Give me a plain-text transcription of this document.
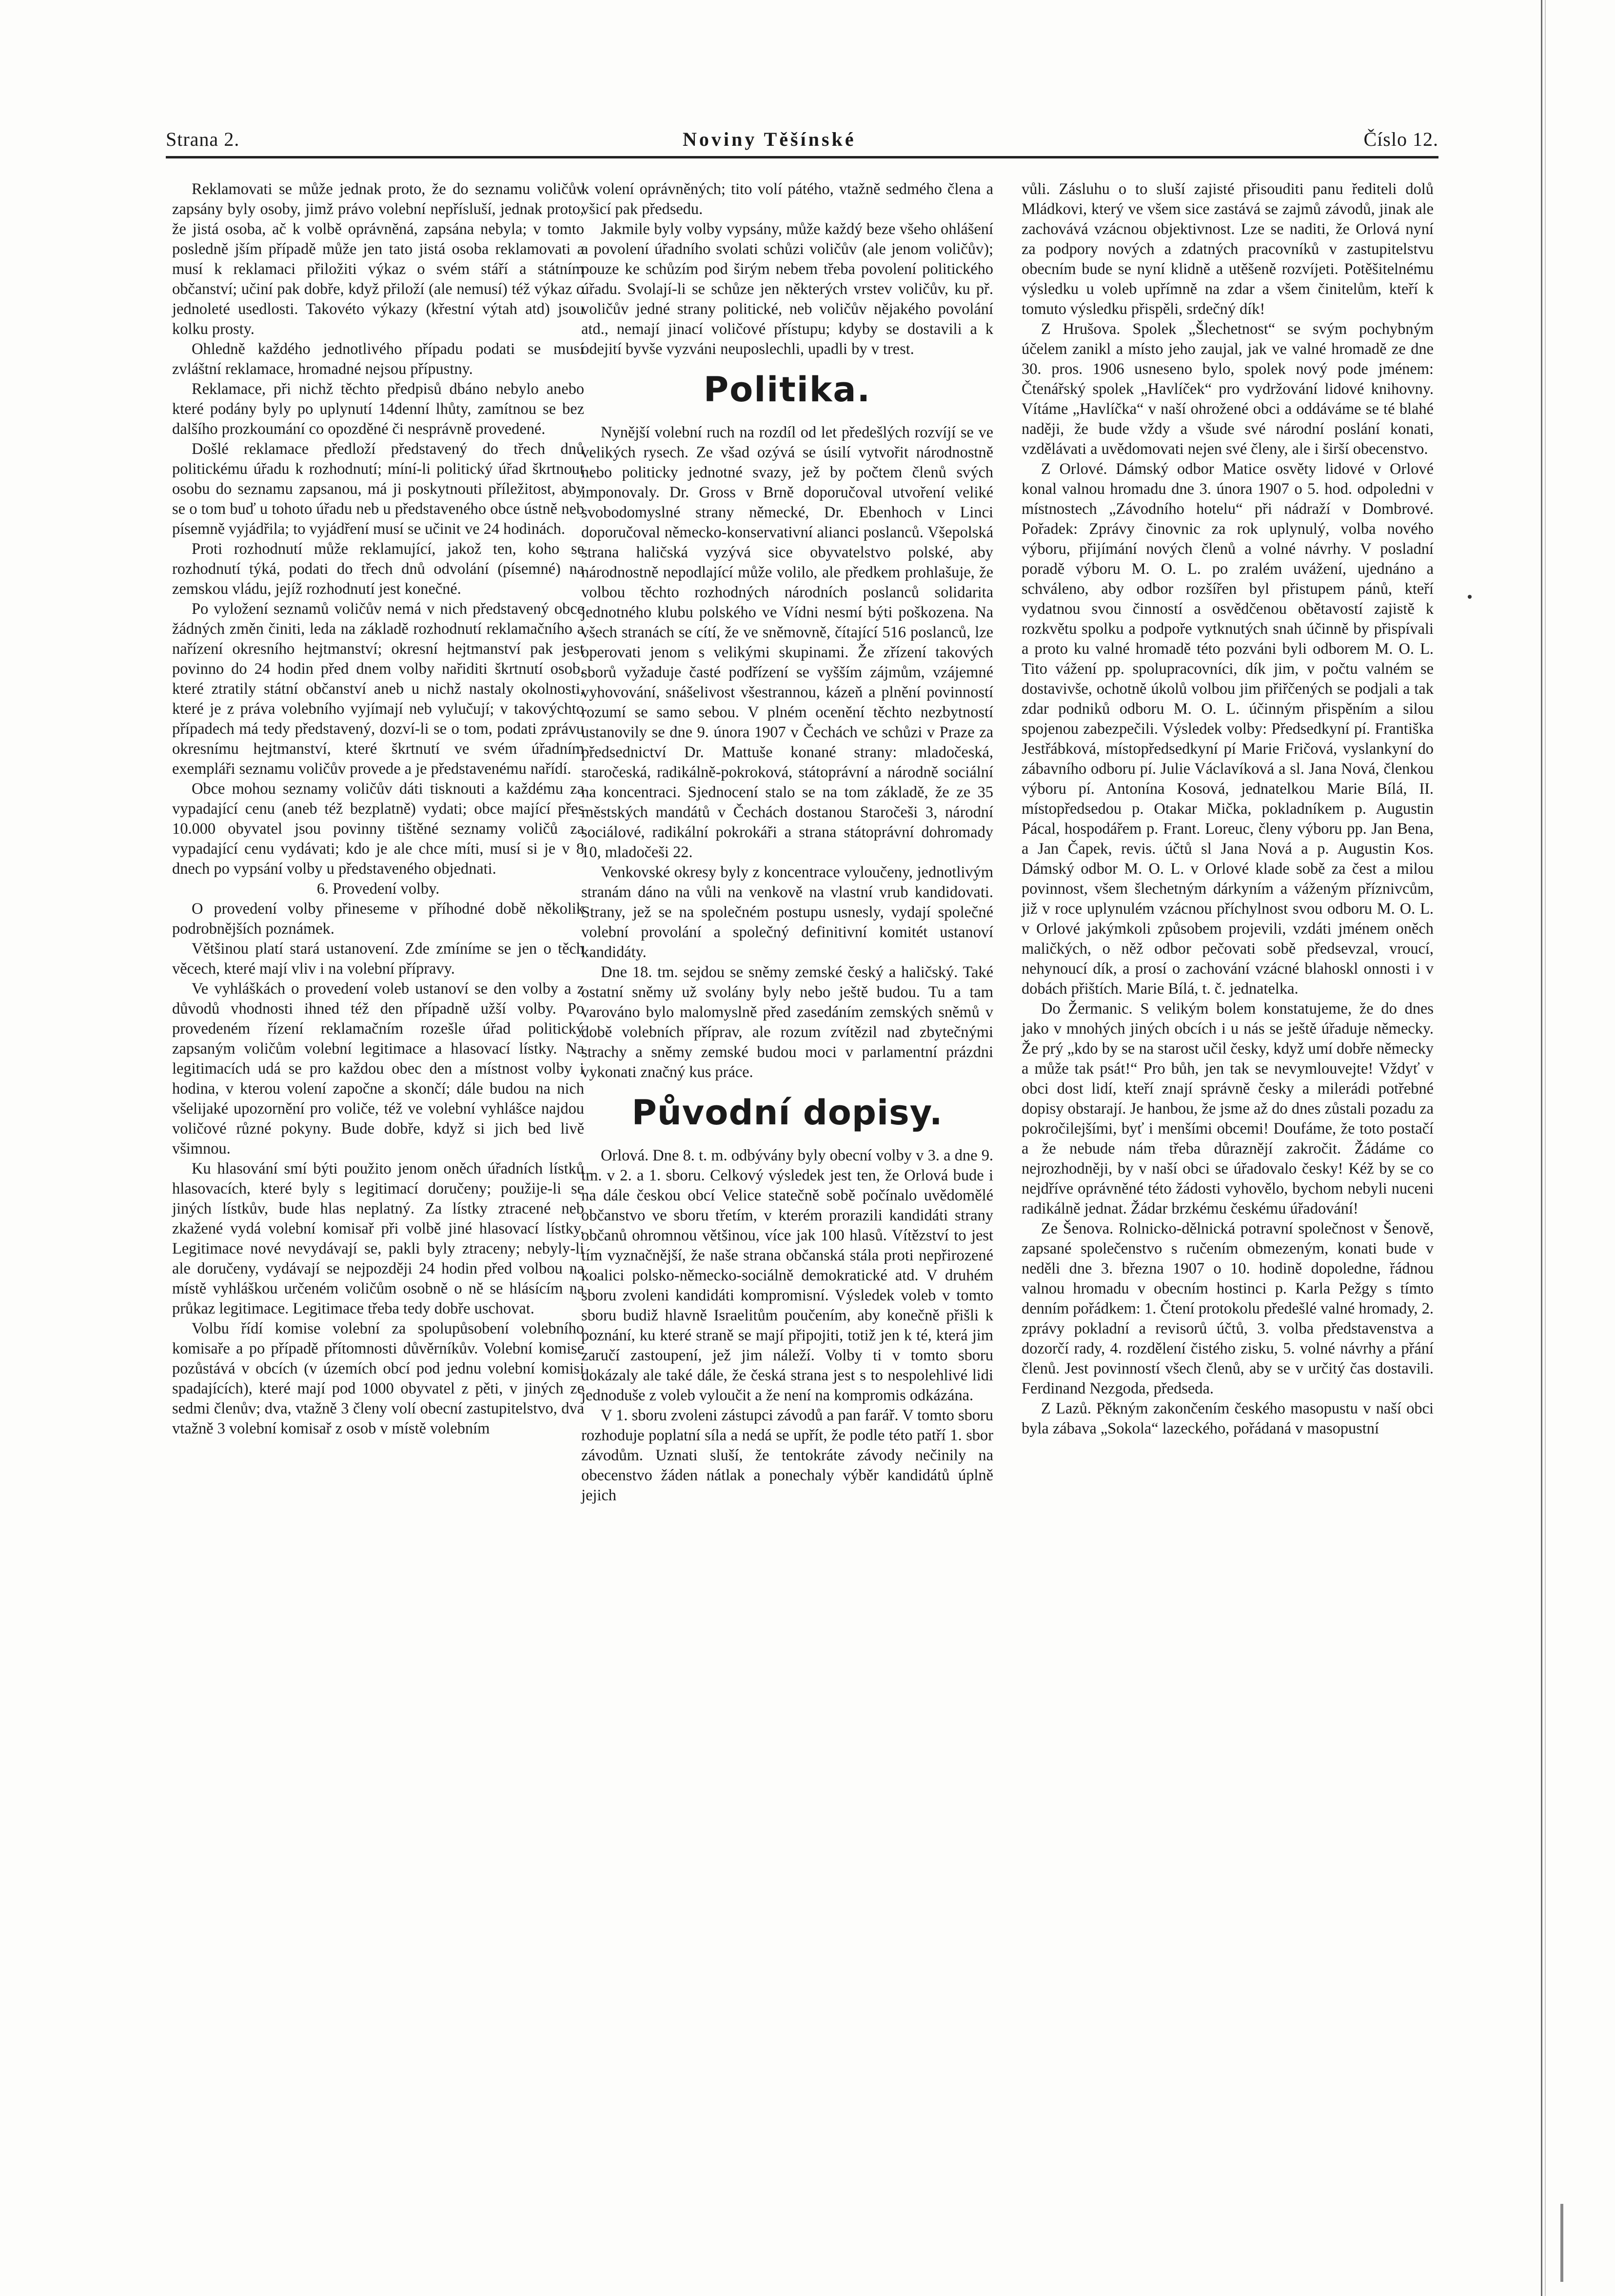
Strana 2.	Noviny Těšínské	Číslo 12.

Reklamovati se může jednak proto, že do seznamu voličův zapsány byly osoby, jimž právo volební nepřísluší, jednak proto, že jistá osoba, ač k volbě oprávněná, zapsána nebyla; v tomto posledně jším případě může jen tato jistá osoba reklamovati a musí k reklamaci přiložiti výkaz o svém stáří a státním občanství; učiní pak dobře, když přiloží (ale nemusí) též výkaz o jednoleté usedlosti. Takovéto výkazy (křestní výtah atd) jsou kolku prosty.

Ohledně každého jednotlivého případu podati se musí zvláštní reklamace, hromadné nejsou přípustny.

Reklamace, při nichž těchto předpisů dbáno nebylo anebo které podány byly po uplynutí 14denní lhůty, zamítnou se bez dalšího prozkoumání co opozděné či nesprávně provedené.

Došlé reklamace předloží představený do třech dnů politickému úřadu k rozhodnutí; míní-li politický úřad škrtnout osobu do seznamu zapsanou, má ji poskytnouti příležitost, aby se o tom buď u tohoto úřadu neb u představeného obce ústně neb písemně vyjádřila; to vyjádření musí se učinit ve 24 hodinách.

Proti rozhodnutí může reklamující, jakož ten, koho se rozhodnutí týká, podati do třech dnů odvolání (písemné) na zemskou vládu, jejíž rozhodnutí jest konečné.

Po vyložení seznamů voličův nemá v nich představený obce žádných změn činiti, leda na základě rozhodnutí reklamačního a nařízení okresního hejtmanství; okresní hejtmanství pak jest povinno do 24 hodin před dnem volby nařiditi škrtnutí osob, které ztratily státní občanství aneb u nichž nastaly okolnosti, které je z práva volebního vyjímají neb vylučují; v takovýchto případech má tedy představený, dozví-li se o tom, podati zprávu okresnímu hejtmanství, které škrtnutí ve svém úřadním exempláři seznamu voličův provede a je představenému nařídí.

Obce mohou seznamy voličův dáti tisknouti a každému za vypadající cenu (aneb též bezplatně) vydati; obce mající přes 10.000 obyvatel jsou povinny tištěné seznamy voličů za vypadající cenu vydávati; kdo je ale chce míti, musí si je v 8 dnech po vypsání volby u představeného objednati.

6. Provedení volby.

O provedení volby přineseme v příhodné době několik podrobnějších poznámek.

Většinou platí stará ustanovení. Zde zmíníme se jen o těch věcech, které mají vliv i na volební přípravy.

Ve vyhláškách o provedení voleb ustanoví se den volby a z důvodů vhodnosti ihned též den případně užší volby. Po provedeném řízení reklamačním rozešle úřad politický zapsaným voličům volební legitimace a hlasovací lístky. Na legitimacích udá se pro každou obec den a místnost volby i hodina, v kterou volení započne a skončí; dále budou na nich všelijaké upozornění pro voliče, též ve volební vyhlášce najdou voličové různé pokyny. Bude dobře, když si jich bed livě všimnou.

Ku hlasování smí býti použito jenom oněch úřadních lístků hlasovacích, které byly s legitimací doručeny; použije-li se jiných lístkův, bude hlas neplatný. Za lístky ztracené neb zkažené vydá volební komisař při volbě jiné hlasovací lístky. Legitimace nové nevydávají se, pakli byly ztraceny; nebyly-li ale doručeny, vydávají se nejpozději 24 hodin před volbou na místě vyhláškou určeném voličům osobně o ně se hlásícím na průkaz legitimace. Legitimace třeba tedy dobře uschovat.

Volbu řídí komise volební za spolupůsobení volebního komisaře a po případě přítomnosti důvěrníkův. Volební komise pozůstává v obcích (v územích obcí pod jednu volební komisi spadajících), které mají pod 1000 obyvatel z pěti, v jiných ze sedmi členův; dva, vtažně 3 členy volí obecní zastupitelstvo, dva vtažně 3 volební komisař z osob v místě volebním

k volení oprávněných; tito volí pátého, vtažně sedmého člena a všicí pak předsedu.

Jakmile byly volby vypsány, může každý beze všeho ohlášení a povolení úřadního svolati schůzi voličův (ale jenom voličův); pouze ke schůzím pod širým nebem třeba povolení politického úřadu. Svolají-li se schůze jen některých vrstev voličův, ku př. voličův jedné strany politické, neb voličův nějakého povolání atd., nemají jinací voličové přístupu; kdyby se dostavili a k odejití byvše vyzváni neuposlechli, upadli by v trest.

Politika.

Nynější volební ruch na rozdíl od let předešlých rozvíjí se ve velikých rysech. Ze všad ozývá se úsilí vytvořit národnostně nebo politicky jednotné svazy, jež by počtem členů svých imponovaly. Dr. Gross v Brně doporučoval utvoření veliké svobodomyslné strany německé, Dr. Ebenhoch v Linci doporučoval německo-konservativní alianci poslanců. Všepolská strana haličská vyzývá sice obyvatelstvo polské, aby národnostně nepodlající může volilo, ale předkem prohlašuje, že volbou těchto rozhodných národních poslanců solidarita jednotného klubu polského ve Vídni nesmí býti poškozena. Na všech stranách se cítí, že ve sněmovně, čítající 516 poslanců, lze operovati jenom s velikými skupinami. Že zřízení takových sborů vyžaduje časté podřízení se vyšším zájmům, vzájemné vyhovování, snášelivost všestrannou, kázeň a plnění povinností rozumí se samo sebou. V plném ocenění těchto nezbytností ustanovily se dne 9. února 1907 v Čechách ve schůzi v Praze za předsednictví Dr. Mattuše konané strany: mladočeská, staročeská, radikálně-pokroková, státoprávní a národně sociální na koncentraci. Sjednocení stalo se na tom základě, že ze 35 městských mandátů v Čechách dostanou Staročeši 3, národní sociálové, radikální pokrokáři a strana státoprávní dohromady 10, mladočeši 22.

Venkovské okresy byly z koncentrace vyloučeny, jednotlivým stranám dáno na vůli na venkově na vlastní vrub kandidovati. Strany, jež se na společném postupu usnesly, vydají společné volební provolání a společný definitivní komitét ustanoví kandidáty.

Dne 18. tm. sejdou se sněmy zemské český a haličský. Také ostatní sněmy už svolány byly nebo ještě budou. Tu a tam varováno bylo malomyslně před zasedáním zemských sněmů v době volebních příprav, ale rozum zvítězil nad zbytečnými strachy a sněmy zemské budou moci v parlamentní prázdni vykonati značný kus práce.

Původní dopisy.

Orlová. Dne 8. t. m. odbývány byly obecní volby v 3. a dne 9. tm. v 2. a 1. sboru. Celkový výsledek jest ten, že Orlová bude i na dále českou obcí Velice statečně sobě počínalo uvědomělé občanstvo ve sboru třetím, v kterém prorazili kandidáti strany občanů ohromnou většinou, více jak 100 hlasů. Vítězství to jest tím vyznačnější, že naše strana občanská stála proti nepřirozené koalici polsko-německo-sociálně demokratické atd. V druhém sboru zvoleni kandidáti kompromisní. Výsledek voleb v tomto sboru budiž hlavně Israelitům poučením, aby konečně přišli k poznání, ku které straně se mají připojiti, totiž jen k té, která jim zaručí zastoupení, jež jim náleží. Volby ti v tomto sboru dokázaly ale také dále, že česká strana jest s to nespolehlivé lidi jednoduše z voleb vyloučit a že není na kompromis odkázána.

V 1. sboru zvoleni zástupci závodů a pan farář. V tomto sboru rozhoduje poplatní síla a nedá se upřít, že podle této patří 1. sbor závodům. Uznati sluší, že tentokráte závody nečinily na obecenstvo žáden nátlak a ponechaly výběr kandidátů úplně jejich

vůli. Zásluhu o to sluší zajisté přisouditi panu řediteli dolů Mládkovi, který ve všem sice zastává se zajmů závodů, jinak ale zachovává vzácnou objektivnost. Lze se naditi, že Orlová nyní za podpory nových a zdatných pracovníků v zastupitelstvu obecním bude se nyní klidně a utěšeně rozvíjeti. Potěšitelnému výsledku u voleb upřímně na zdar a všem činitelům, kteří k tomuto výsledku přispěli, srdečný dík!

Z Hrušova. Spolek „Šlechetnost“ se svým pochybným účelem zanikl a místo jeho zaujal, jak ve valné hromadě ze dne 30. pros. 1906 usneseno bylo, spolek nový pode jménem: Čtenářský spolek „Havlíček“ pro vydržování lidové knihovny. Vítáme „Havlíčka“ v naší ohrožené obci a oddáváme se té blahé naději, že bude vždy a všude své národní poslání konati, vzdělávati a uvědomovati nejen své členy, ale i širší obecenstvo.

Z Orlové. Dámský odbor Matice osvěty lidové v Orlové konal valnou hromadu dne 3. února 1907 o 5. hod. odpoledni v místnostech „Závodního hotelu“ při nádraží v Dombrové. Pořadek: Zprávy činovnic za rok uplynulý, volba nového výboru, přijímání nových členů a volné návrhy. V posladní poradě výboru M. O. L. po zralém uvážení, ujednáno a schváleno, aby odbor rozšířen byl přistupem pánů, kteří vydatnou svou činností a osvědčenou obětavostí zajistě k rozkvětu spolku a podpoře vytknutých snah účinně by přispívali a proto ku valné hromadě této pozváni byli odborem M. O. L. Tito vážení pp. spolupracovníci, dík jim, v počtu valném se dostavivše, ochotně úkolů volbou jim přiřčených se podjali a tak zdar podniků odboru M. O. L. účinným přispěním a silou spojenou zabezpečili. Výsledek volby: Předsedkyní pí. Františka Jestřábková, místopředsedkyní pí Marie Fričová, vyslankyní do zábavního odboru pí. Julie Václavíková a sl. Jana Nová, členkou výboru pí. Antonína Kosová, jednatelkou Marie Bílá, II. místopředsedou p. Otakar Mička, pokladníkem p. Augustin Pácal, hospodářem p. Frant. Loreuc, členy výboru pp. Jan Bena, a Jan Čapek, revis. účtů sl Jana Nová a p. Augustin Kos. Dámský odbor M. O. L. v Orlové klade sobě za čest a milou povinnost, všem šlechetným dárkyním a váženým příznivcům, již v roce uplynulém vzácnou příchylnost svou odboru M. O. L. v Orlové jakýmkoli způsobem projevili, vzdáti jménem oněch maličkých, o něž odbor pečovati sobě předsevzal, vroucí, nehynoucí dík, a prosí o zachování vzácné blahoskl onnosti i v dobách přištích. Marie Bílá, t. č. jednatelka.

Do Žermanic. S velikým bolem konstatujeme, že do dnes jako v mnohých jiných obcích i u nás se ještě úřaduje německy. Že prý „kdo by se na starost učil česky, když umí dobře německy a může tak psát!“ Pro bůh, jen tak se nevymlouvejte! Vždyť v obci dost lidí, kteří znají správně česky a milerádi potřebné dopisy obstarají. Je hanbou, že jsme až do dnes zůstali pozadu za pokročilejšími, byť i menšími obcemi! Doufáme, že toto postačí a že nebude nám třeba důraznějí zakročit. Žádáme co nejrozhodněji, by v naší obci se úřadovalo česky! Kéž by se co nejdříve oprávněné této žádosti vyhovělo, bychom nebyli nuceni radikálně jednat. Žádar brzkému českému úřadování!

Ze Šenova. Rolnicko-dělnická potravní společnost v Šenově, zapsané společenstvo s ručením obmezeným, konati bude v neděli dne 3. března 1907 o 10. hodině dopoledne, řádnou valnou hromadu v obecním hostinci p. Karla Pežgy s tímto denním pořádkem: 1. Čtení protokolu předešlé valné hromady, 2. zprávy pokladní a revisorů účtů, 3. volba představenstva a dozorčí rady, 4. rozdělení čistého zisku, 5. volné návrhy a přání členů. Jest povinností všech členů, aby se v určitý čas dostavili. Ferdinand Nezgoda, předseda.

Z Lazů. Pěkným zakončením českého masopustu v naší obci byla zábava „Sokola“ lazeckého, pořádaná v masopustní
